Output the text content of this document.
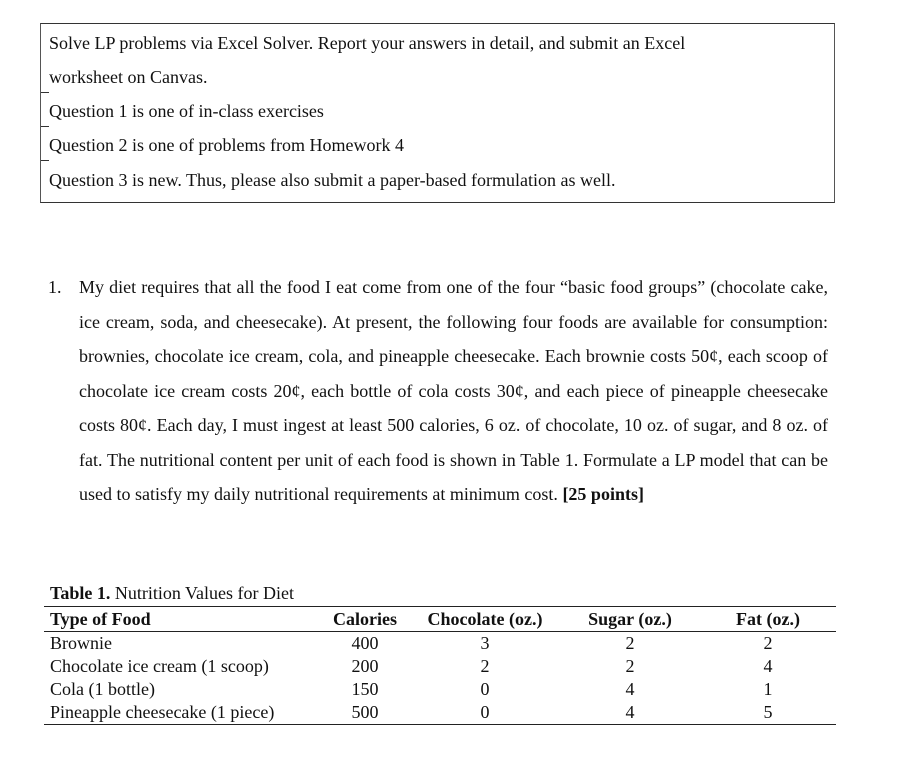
Solve LP problems via Excel Solver. Report your answers in detail, and submit an Excel
worksheet on Canvas.
Question 1 is one of in-class exercises
Question 2 is one of problems from Homework 4
Question 3 is new. Thus, please also submit a paper-based formulation as well.
1. My diet requires that all the food I eat come from one of the four “basic food groups” (chocolate cake, ice cream, soda, and cheesecake). At present, the following four foods are available for consumption: brownies, chocolate ice cream, cola, and pineapple cheesecake. Each brownie costs 50¢, each scoop of chocolate ice cream costs 20¢, each bottle of cola costs 30¢, and each piece of pineapple cheesecake costs 80¢. Each day, I must ingest at least 500 calories, 6 oz. of chocolate, 10 oz. of sugar, and 8 oz. of fat. The nutritional content per unit of each food is shown in Table 1. Formulate a LP model that can be used to satisfy my daily nutritional requirements at minimum cost. [25 points]
Table 1. Nutrition Values for Diet
Type of Food	Calories	Chocolate (oz.)	Sugar (oz.)	Fat (oz.)
Brownie	400	3	2	2
Chocolate ice cream (1 scoop)	200	2	2	4
Cola (1 bottle)	150	0	4	1
Pineapple cheesecake (1 piece)	500	0	4	5
